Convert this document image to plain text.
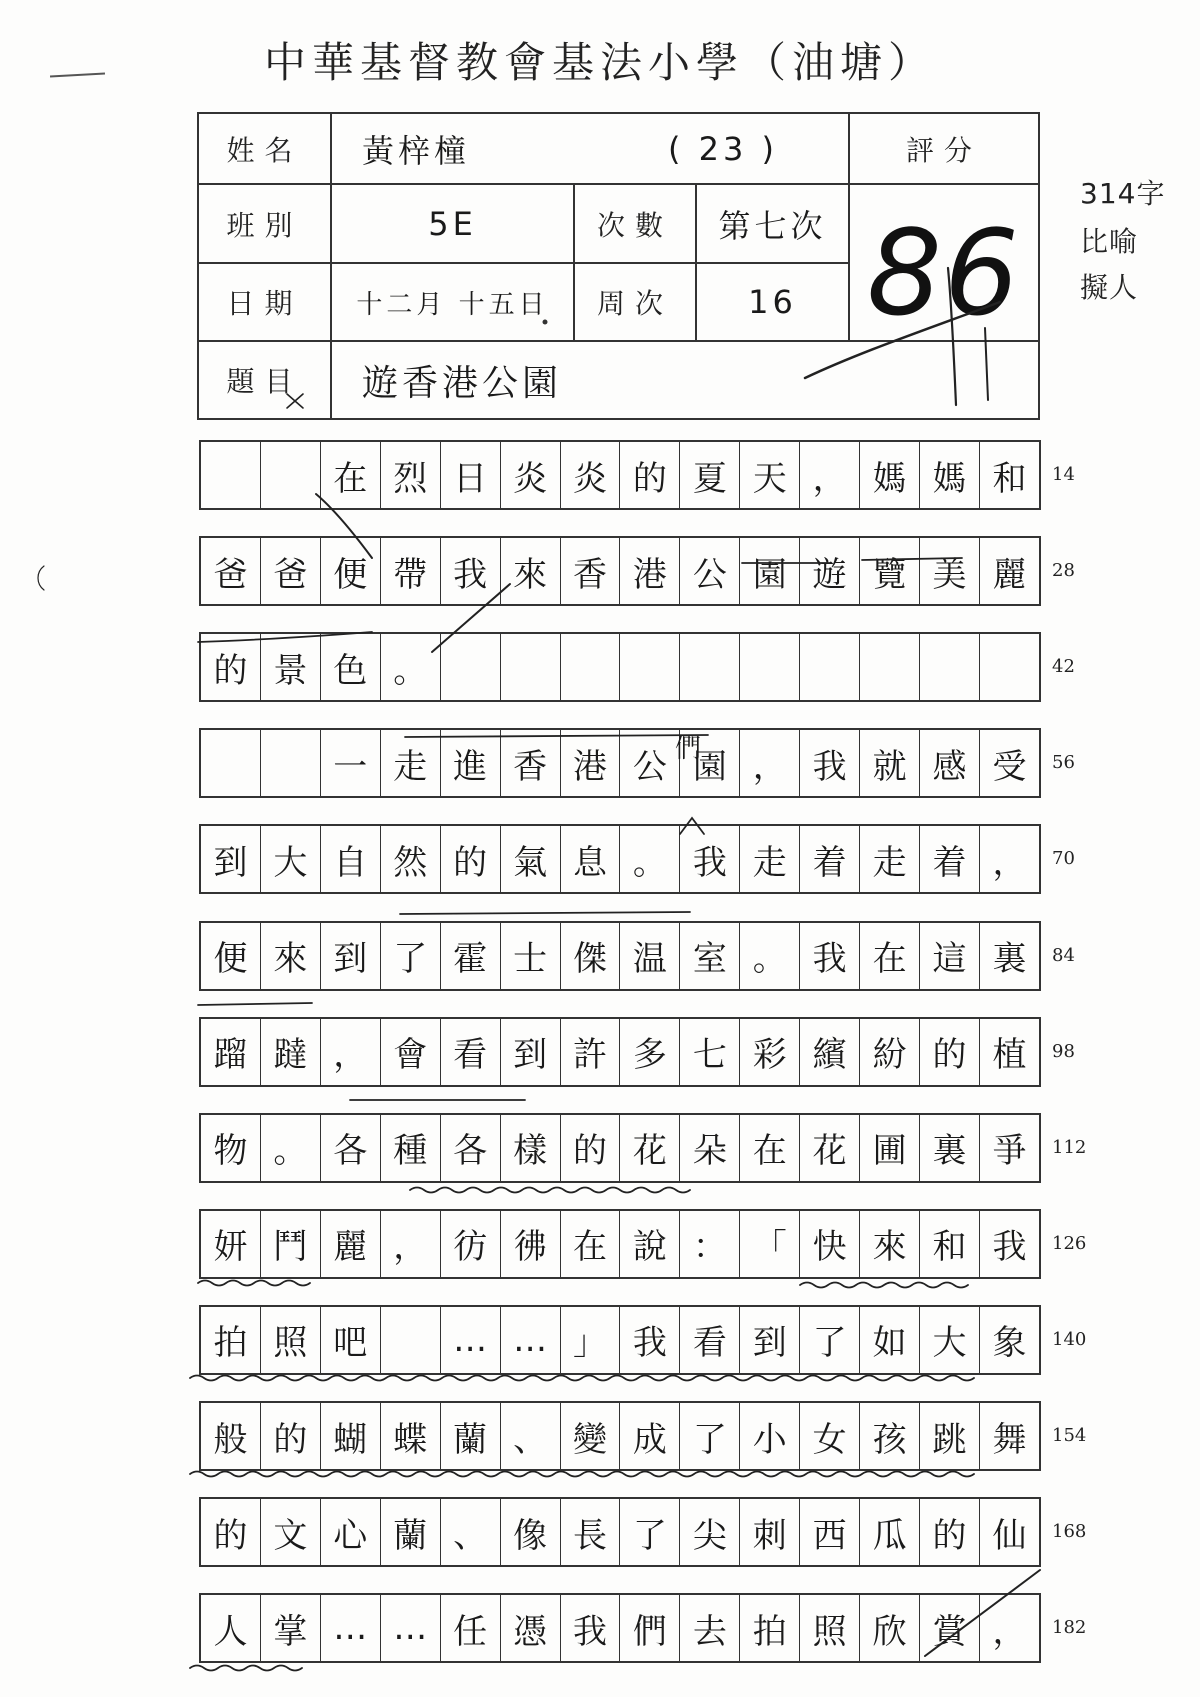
中華基督教會基法小學（油塘）
姓名	黃梓橦	( 23 )	評分
班別	5E	次數	第七次 86
日期	十二月 十五日	周次	16
題目	遊香港公園
314字
比喻
擬人
在 烈 日 炎 炎 的 夏 天 ， 媽 媽 和	14
爸 爸 便 帶 我 來 香 港 公 園 遊 覽 美 麗	28
的 景 色 。	42
一 走 進 香 港 公 園 ， 我 就 感 受	56
到 大 自 然 的 氣 息 。 我 走 着 走 着 ，	70
便 來 到 了 霍 士 傑 温 室 。 我 在 這 裏	84
蹓 躂 ， 會 看 到 許 多 七 彩 繽 紛 的 植	98
物 。 各 種 各 樣 的 花 朵 在 花 圃 裏 爭	112
妍 鬥 麗 ， 彷 彿 在 說 ： 「 快 來 和 我	126
拍 照 吧	… … 」 我 看 到 了 如 大 象	140
般 的 蝴 蝶 蘭 、 變 成 了 小 女 孩 跳 舞	154
的 文 心 蘭 、 像 長 了 尖 刺 西 瓜 的 仙	168
人 掌 … … 任 憑 我 們 去 拍 照 欣 賞 ，	182
們
